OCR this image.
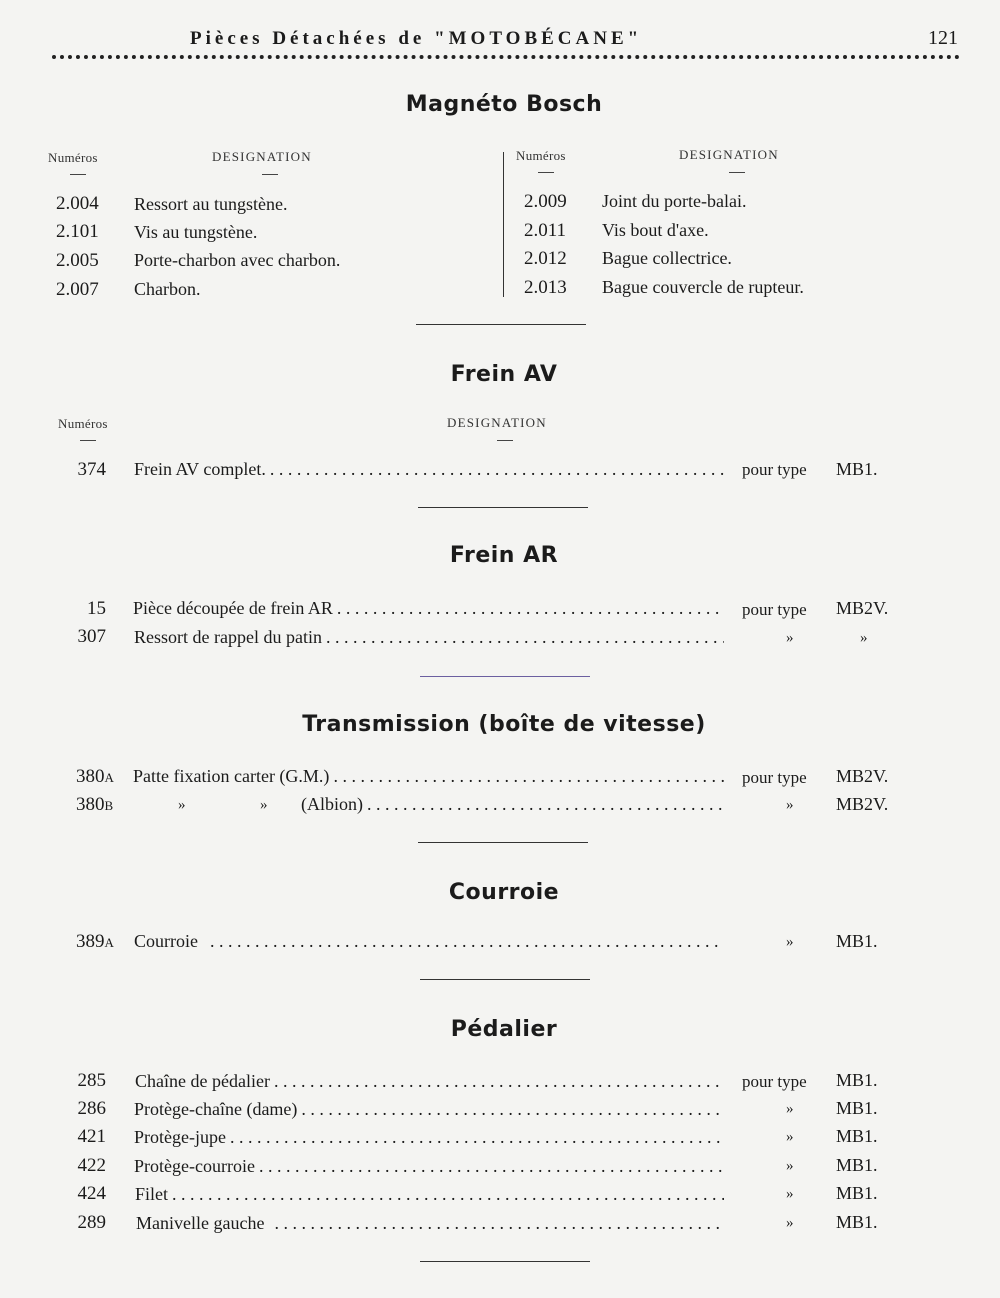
Pièces Détachées de "MOTOBÉCANE"	121
Magnéto Bosch
Numéros	DESIGNATION	Numéros	DESIGNATION
2.004 Ressort au tungstène.
2.101 Vis au tungstène.
2.005 Porte-charbon avec charbon.
2.007 Charbon.
2.009 Joint du porte-balai.
2.011 Vis bout d'axe.
2.012 Bague collectrice.
2.013 Bague couvercle de rupteur.
Frein AV
Numéros	DESIGNATION
374 Frein AV complet. . . .	pour type MB1.
Frein AR
15 Pièce découpée de frein AR . . .	pour type MB2V.
307 Ressort de rappel du patin . . .	»	»
Transmission (boîte de vitesse)
380A Patte fixation carter (G.M.) . . .	pour type MB2V.
380B	»	» (Albion) . . .	» MB2V.
Courroie
389A Courroie . . .	» MB1.
Pédalier
285 Chaîne de pédalier . . .	pour type MB1.
286 Protège-chaîne (dame) . . .	» MB1.
421 Protège-jupe . . .	» MB1.
422 Protège-courroie . . .	» MB1.
424 Filet . . .	» MB1.
289 Manivelle gauche . . .	» MB1.
